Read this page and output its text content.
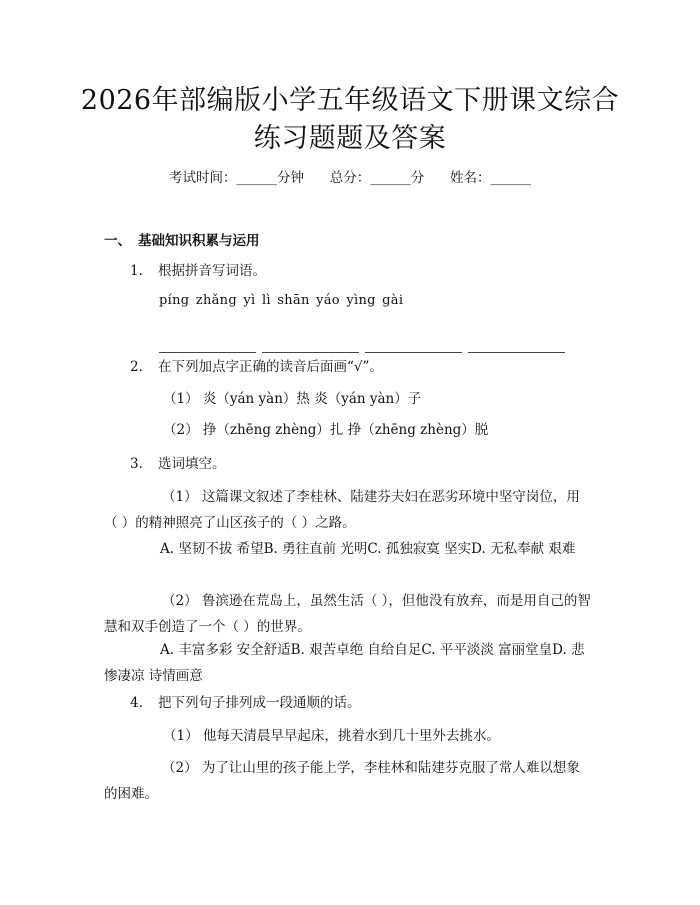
2026年部编版小学五年级语文下册课文综合
练习题题及答案
考试时间：______分钟 总分：______分 姓名：______
一、 基础知识积累与运用
1. 根据拼音写词语。
píng zhǎng yì lì shān yáo yìng gài
2. 在下列加点字正确的读音后面画“√”。
（1） 炎（yán yàn）热 炎（yán yàn）子
（2） 挣（zhēng zhèng）扎 挣（zhēng zhèng）脱
3. 选词填空。
（1） 这篇课文叙述了李桂林、陆建芬夫妇在恶劣环境中坚守岗位，用（ ）的精神照亮了山区孩子的（ ）之路。
A. 坚韧不拔 希望B. 勇往直前 光明C. 孤独寂寞 坚实D. 无私奉献 艰难
（2） 鲁滨逊在荒岛上，虽然生活（ ），但他没有放弃，而是用自己的智慧和双手创造了一个（ ）的世界。
A. 丰富多彩 安全舒适B. 艰苦卓绝 自给自足C. 平平淡淡 富丽堂皇D. 悲惨凄凉 诗情画意
4. 把下列句子排列成一段通顺的话。
（1） 他每天清晨早早起床，挑着水到几十里外去挑水。
（2） 为了让山里的孩子能上学，李桂林和陆建芬克服了常人难以想象的困难。
